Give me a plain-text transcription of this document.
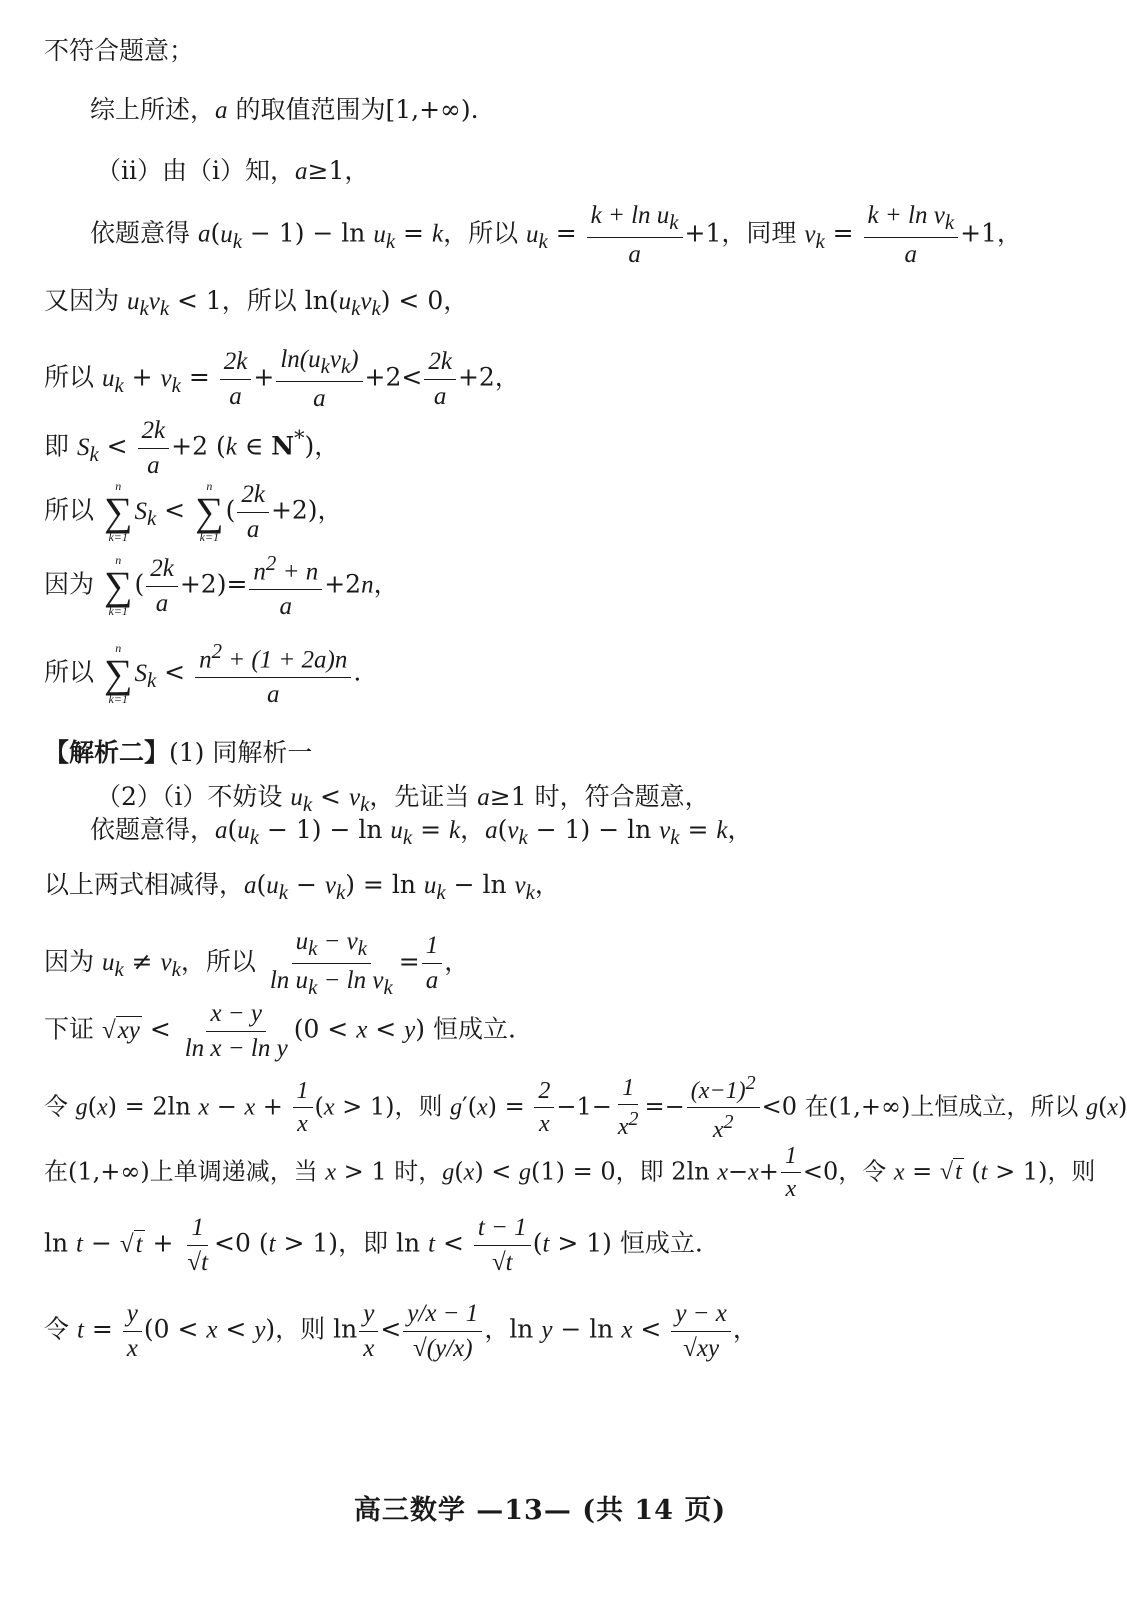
不符合题意；
综上所述，a 的取值范围为[1,+∞).
（ⅱ）由（ⅰ）知，a≥1，
依题意得 $a(u_k - 1) - \ln u_k = k$，所以 $u_k = \frac{k + \ln u_k}{a} +1$，同理 $v_k = \frac{k + \ln v_k}{a} +1$，
又因为 $u_kv_k < 1$，所以 $\ln(u_kv_k) < 0$，
所以 $u_k + v_k = \frac{2k}{a} + \frac{\ln(u_kv_k)}{a} +2< \frac{2k}{a} +2$，
即 $S_k < \frac{2k}{a} +2$ (k ∈ N*)，
所以
n
∑
k=1
$S_k$ <
n
∑
k=1
( $\frac{2k}{a} +2$)，
因为
n
∑
k=1
( $\frac{2k}{a} +2)= \frac{n^2 + n}{a} +2n$，
所以
n
∑
k=1
$S_k < \frac{n^2 + (1 + 2a)n}{a}$ .
【解析二】(1) 同解析一
（2）（ⅰ）不妨设 $u_k < v_k$，先证当 a≥1 时，符合题意，
依题意得，$a(u_k - 1) - \ln u_k = k$，$a(v_k - 1) - \ln v_k = k$，
以上两式相减得，$a(u_k - v_k) = \ln u_k - \ln v_k$，
因为 $u_k \ne v_k$，所以 $\frac{u_k - v_k}{\ln u_k - \ln v_k} = \frac{1}{a}$ ，
下证 $√xy < \frac{x - y}{\text{ln x − ln y}} (0 < x < y)$ 恒成立.
令 g(x) = 2ln $x - x + \frac{1}{x} (x > 1)$，则 $g'(x) = \frac{2}{x} -1- \frac{1}{x^2} =- \frac{(x-1)^2}{x^2} <0$ 在(1,+∞)上恒成立，所以 g(x)
在(1,+∞)上单调递减，当 x > 1 时，g(x) < g(1) = 0，即 2ln $x-x+ \frac{1}{x} <0$，令 x = √t (t > 1)，则
$\ln t - √t + \frac{1}{√t} <0$ (t > 1)，即 $\ln t < \frac{t - 1}{√t} (t > 1)$ 恒成立.
令 $t = \frac{y}{x} (0 < x < y)$，则 $\ln \frac{y}{x} < \frac{y/x - 1}{√(y/x)}$ ，$\ln y - \ln x < \frac{y - x}{√xy}$ ，
高三数学 —13— (共 14 页)
